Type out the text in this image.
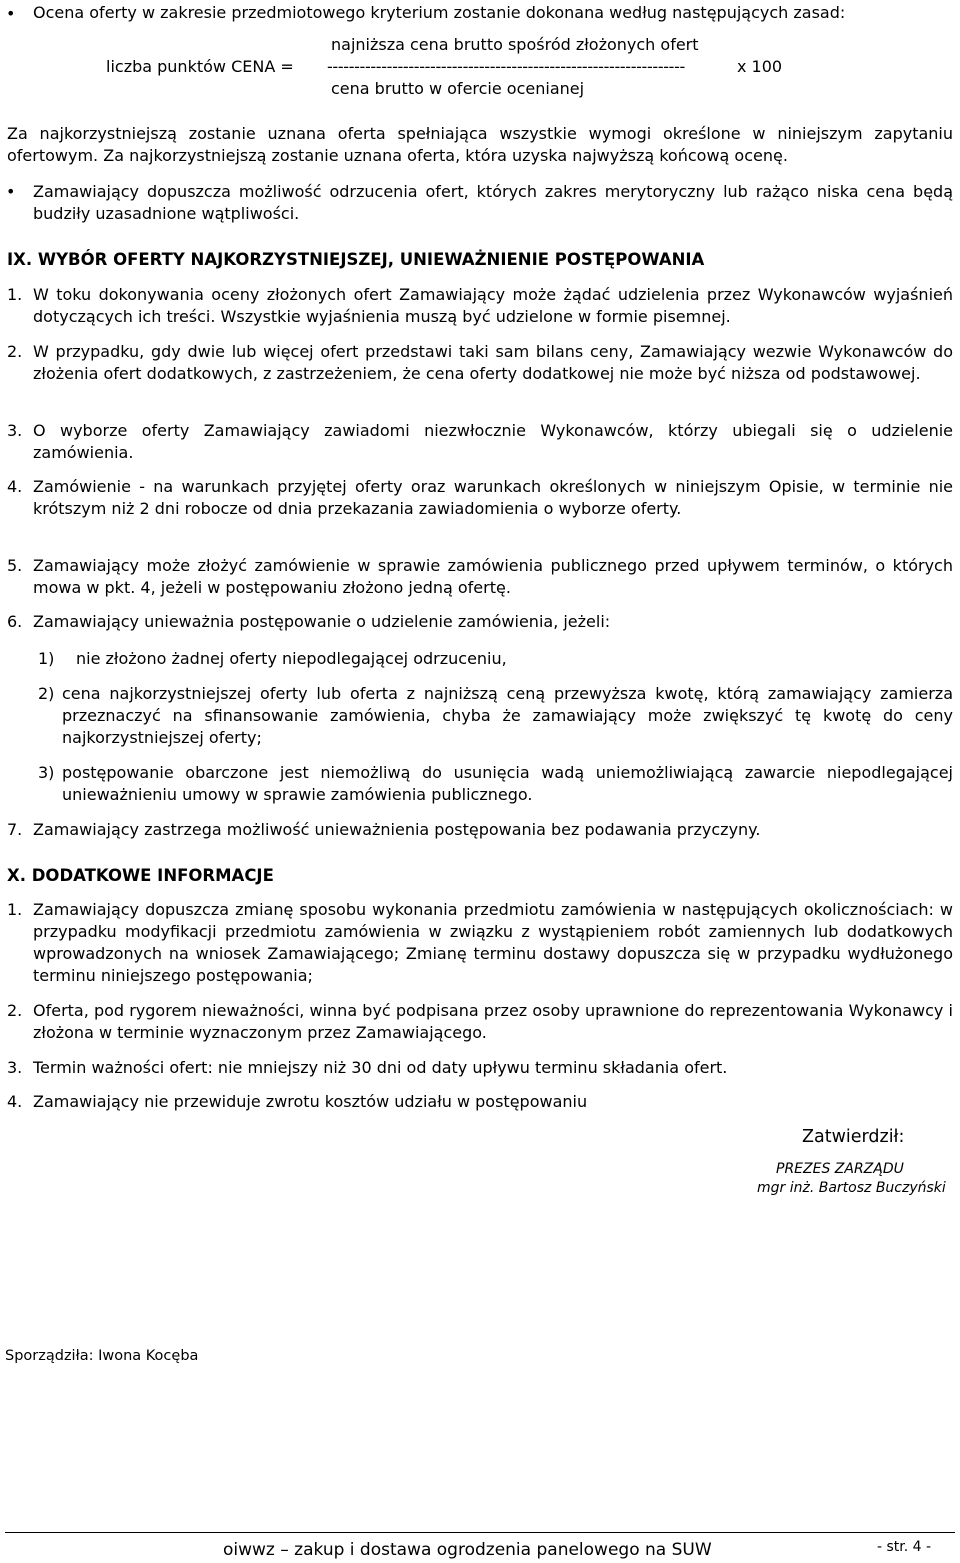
• Ocena oferty w zakresie przedmiotowego kryterium zostanie dokonana według następujących zasad:
najniższa cena brutto spośród złożonych ofert
liczba punktów CENA = ------------------------------------------------------------------	x 100
cena brutto w ofercie ocenianej
Za najkorzystniejszą zostanie uznana oferta spełniająca wszystkie wymogi określone w niniejszym zapytaniu ofertowym. Za najkorzystniejszą zostanie uznana oferta, która uzyska najwyższą końcową ocenę.
• Zamawiający dopuszcza możliwość odrzucenia ofert, których zakres merytoryczny lub rażąco niska cena będą budziły uzasadnione wątpliwości.
IX. WYBÓR OFERTY NAJKORZYSTNIEJSZEJ, UNIEWAŻNIENIE POSTĘPOWANIA
1. W toku dokonywania oceny złożonych ofert Zamawiający może żądać udzielenia przez Wykonawców wyjaśnień dotyczących ich treści. Wszystkie wyjaśnienia muszą być udzielone w formie pisemnej.
2. W przypadku, gdy dwie lub więcej ofert przedstawi taki sam bilans ceny, Zamawiający wezwie Wykonawców do złożenia ofert dodatkowych, z zastrzeżeniem, że cena oferty dodatkowej nie może być niższa od podstawowej.
3. O wyborze oferty Zamawiający zawiadomi niezwłocznie Wykonawców, którzy ubiegali się o udzielenie zamówienia.
4. Zamówienie - na warunkach przyjętej oferty oraz warunkach określonych w niniejszym Opisie, w terminie nie krótszym niż 2 dni robocze od dnia przekazania zawiadomienia o wyborze oferty.
5. Zamawiający może złożyć zamówienie w sprawie zamówienia publicznego przed upływem terminów, o których mowa w pkt. 4, jeżeli w postępowaniu złożono jedną ofertę.
6. Zamawiający unieważnia postępowanie o udzielenie zamówienia, jeżeli:
1) nie złożono żadnej oferty niepodlegającej odrzuceniu,
2) cena najkorzystniejszej oferty lub oferta z najniższą ceną przewyższa kwotę, którą zamawiający zamierza przeznaczyć na sfinansowanie zamówienia, chyba że zamawiający może zwiększyć tę kwotę do ceny najkorzystniejszej oferty;
3) postępowanie obarczone jest niemożliwą do usunięcia wadą uniemożliwiającą zawarcie niepodlegającej unieważnieniu umowy w sprawie zamówienia publicznego.
7. Zamawiający zastrzega możliwość unieważnienia postępowania bez podawania przyczyny.
X. DODATKOWE INFORMACJE
1. Zamawiający dopuszcza zmianę sposobu wykonania przedmiotu zamówienia w następujących okolicznościach: w przypadku modyfikacji przedmiotu zamówienia w związku z wystąpieniem robót zamiennych lub dodatkowych wprowadzonych na wniosek Zamawiającego; Zmianę terminu dostawy dopuszcza się w przypadku wydłużonego terminu niniejszego postępowania;
2. Oferta, pod rygorem nieważności, winna być podpisana przez osoby uprawnione do reprezentowania Wykonawcy i złożona w terminie wyznaczonym przez Zamawiającego.
3. Termin ważności ofert: nie mniejszy niż 30 dni od daty upływu terminu składania ofert.
4. Zamawiający nie przewiduje zwrotu kosztów udziału w postępowaniu
Zatwierdził:
PREZES ZARZĄDU
mgr inż. Bartosz Buczyński
Sporządziła: Iwona Kocęba
oiwwz – zakup i dostawa ogrodzenia panelowego na SUW	- str. 4 -
